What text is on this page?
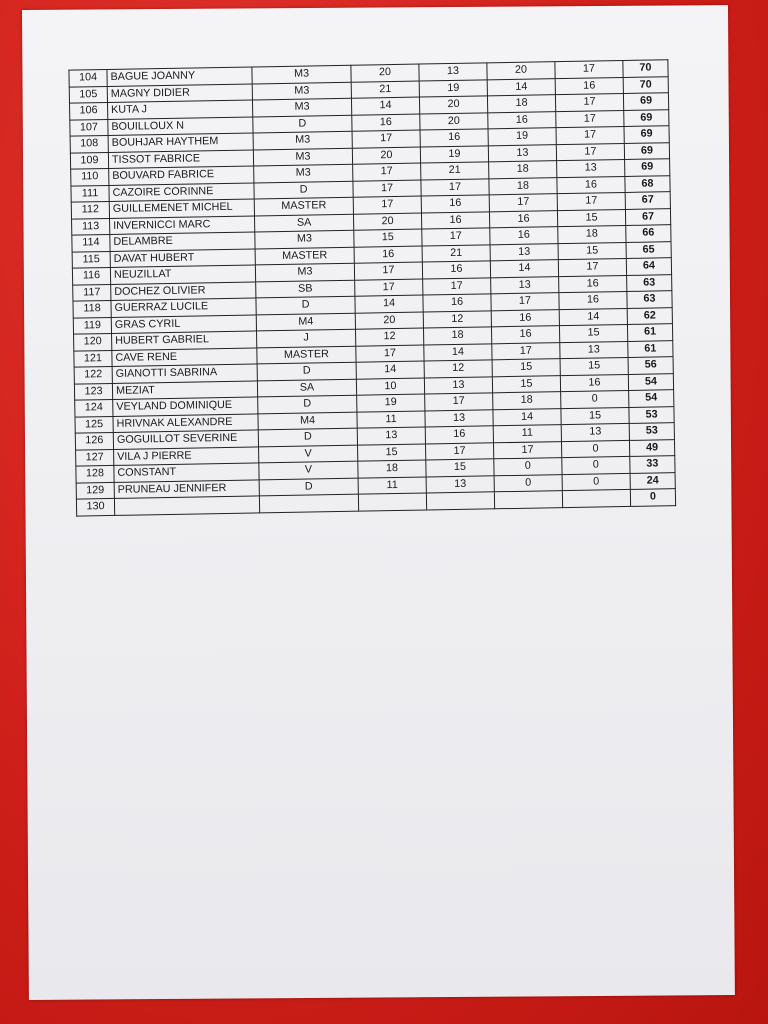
104	BAGUE JOANNY	M3	20	13	20	17	70
105	MAGNY DIDIER	M3	21	19	14	16	70
106	KUTA J	M3	14	20	18	17	69
107	BOUILLOUX N	D	16	20	16	17	69
108	BOUHJAR HAYTHEM	M3	17	16	19	17	69
109	TISSOT FABRICE	M3	20	19	13	17	69
110	BOUVARD FABRICE	M3	17	21	18	13	69
111	CAZOIRE CORINNE	D	17	17	18	16	68
112	GUILLEMENET MICHEL	MASTER	17	16	17	17	67
113	INVERNICCI MARC	SA	20	16	16	15	67
114	DELAMBRE	M3	15	17	16	18	66
115	DAVAT HUBERT	MASTER	16	21	13	15	65
116	NEUZILLAT	M3	17	16	14	17	64
117	DOCHEZ OLIVIER	SB	17	17	13	16	63
118	GUERRAZ LUCILE	D	14	16	17	16	63
119	GRAS CYRIL	M4	20	12	16	14	62
120	HUBERT GABRIEL	J	12	18	16	15	61
121	CAVE RENE	MASTER	17	14	17	13	61
122	GIANOTTI SABRINA	D	14	12	15	15	56
123	MEZIAT	SA	10	13	15	16	54
124	VEYLAND DOMINIQUE	D	19	17	18	0	54
125	HRIVNAK ALEXANDRE	M4	11	13	14	15	53
126	GOGUILLOT SEVERINE	D	13	16	11	13	53
127	VILA J PIERRE	V	15	17	17	0	49
128	CONSTANT	V	18	15	0	0	33
129	PRUNEAU JENNIFER	D	11	13	0	0	24
130							0
